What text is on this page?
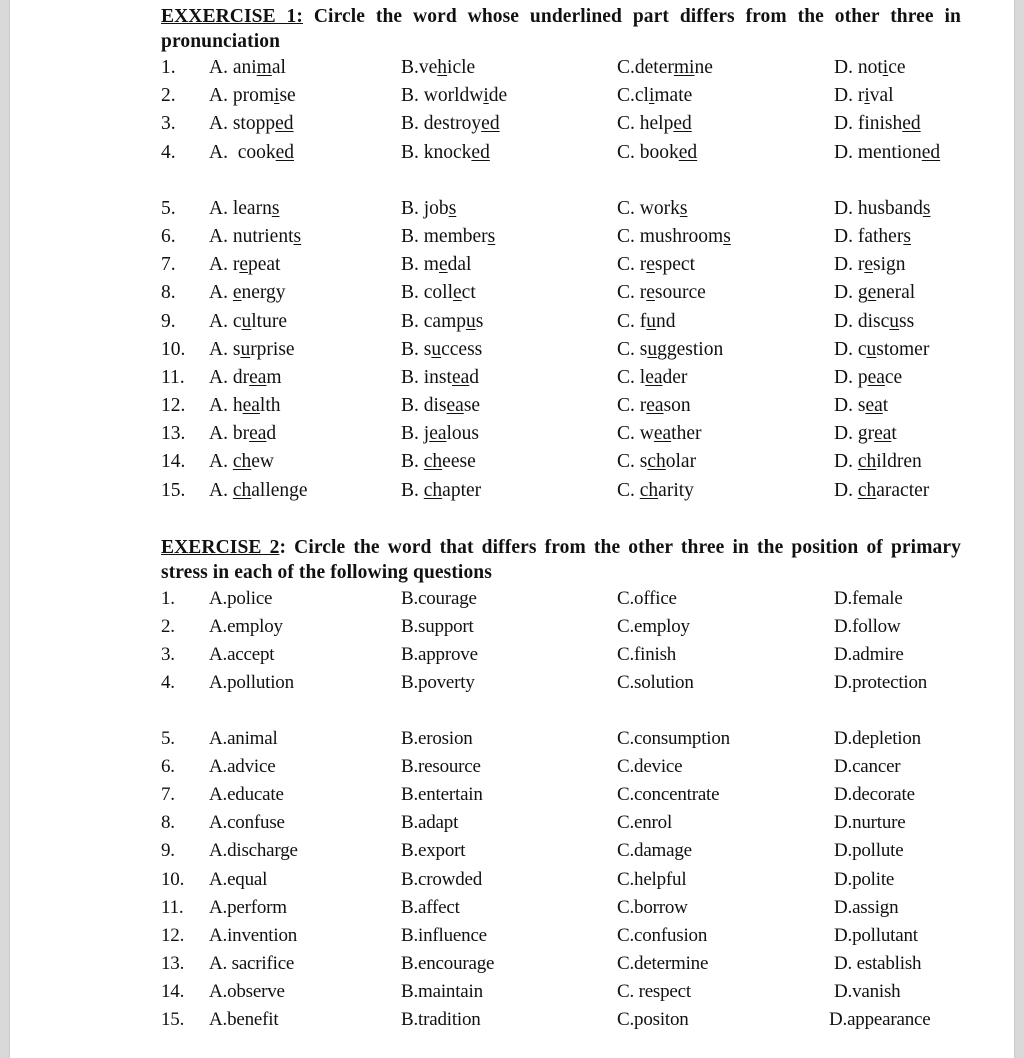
EXXERCISE 1: Circle the word whose underlined part differs from the other three in pronunciation
1. A. animal	B.vehicle	C.determine	D. notice
2. A. promise	B. worldwide	C.climate	D. rival
3. A. stopped	B. destroyed	C. helped	D. finished
4. A.  cooked	B. knocked	C. booked	D. mentioned
5. A. learns	B. jobs	C. works	D. husbands
6. A. nutrients	B. members	C. mushrooms	D. fathers
7. A. repeat	B. medal	C. respect	D. resign
8. A. energy	B. collect	C. resource	D. general
9. A. culture	B. campus	C. fund	D. discuss
10. A. surprise	B. success	C. suggestion	D. customer
11. A. dream	B. instead	C. leader	D. peace
12. A. health	B. disease	C. reason	D. seat
13. A. bread	B. jealous	C. weather	D. great
14. A. chew	B. cheese	C. scholar	D. children
15. A. challenge	B. chapter	C. charity	D. character
EXERCISE 2: Circle the word that differs from the other three in the position of primary stress in each of the following questions
1. A.police	B.courage	C.office	D.female
2. A.employ	B.support	C.employ	D.follow
3. A.accept	B.approve	C.finish	D.admire
4. A.pollution	B.poverty	C.solution	D.protection
5. A.animal	B.erosion	C.consumption	D.depletion
6. A.advice	B.resource	C.device	D.cancer
7. A.educate	B.entertain	C.concentrate	D.decorate
8. A.confuse	B.adapt	C.enrol	D.nurture
9. A.discharge	B.export	C.damage	D.pollute
10. A.equal	B.crowded	C.helpful	D.polite
11. A.perform	B.affect	C.borrow	D.assign
12. A.invention	B.influence	C.confusion	D.pollutant
13. A. sacrifice	B.encourage	C.determine	D. establish
14. A.observe	B.maintain	C. respect	D.vanish
15. A.benefit	B.tradition	C.positon	D.appearance
